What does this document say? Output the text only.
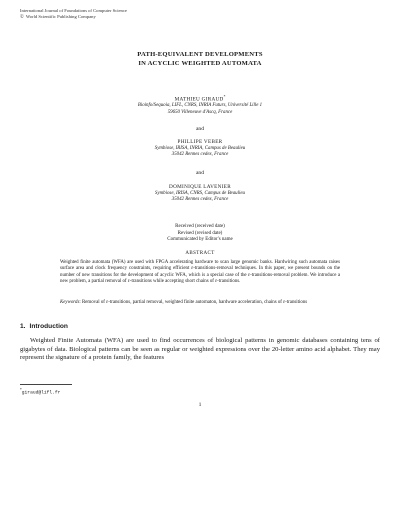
International Journal of Foundations of Computer Science
© World Scientific Publishing Company
PATH-EQUIVALENT DEVELOPMENTS
IN ACYCLIC WEIGHTED AUTOMATA
MATHIEU GIRAUD*
Bioinfo/Sequoia, LIFL, CNRS, INRIA Futurs, Université Lille 1
59650 Villeneuve d'Ascq, France
and
PHILLIPE VEBER
Symbiose, IRISA, INRIA, Campus de Beaulieu
35042 Rennes cedex, France
and
DOMINIQUE LAVENIER
Symbiose, IRISA, CNRS, Campus de Beaulieu
35042 Rennes cedex, France
Received (received date)
Revised (revised date)
Communicated by Editor's name
ABSTRACT
Weighted finite automata (WFA) are used with FPGA accelerating hardware to scan large genomic banks. Hardwiring such automata raises surface area and clock frequency constraints, requiring efficient ε-transitions-removal techniques. In this paper, we present bounds on the number of new transitions for the development of acyclic WFA, which is a special case of the ε-transitions-removal problem. We introduce a new problem, a partial removal of ε-transitions while accepting short chains of ε-transitions.
Keywords: Removal of ε-transitions, partial removal, weighted finite automaton, hardware acceleration, chains of ε-transitions
1. Introduction
Weighted Finite Automata (WFA) are used to find occurrences of biological patterns in genomic databases containing tens of gigabytes of data. Biological patterns can be seen as regular or weighted expressions over the 20-letter amino acid alphabet. They may represent the signature of a protein family, the features
*giraud@lifl.fr
1
